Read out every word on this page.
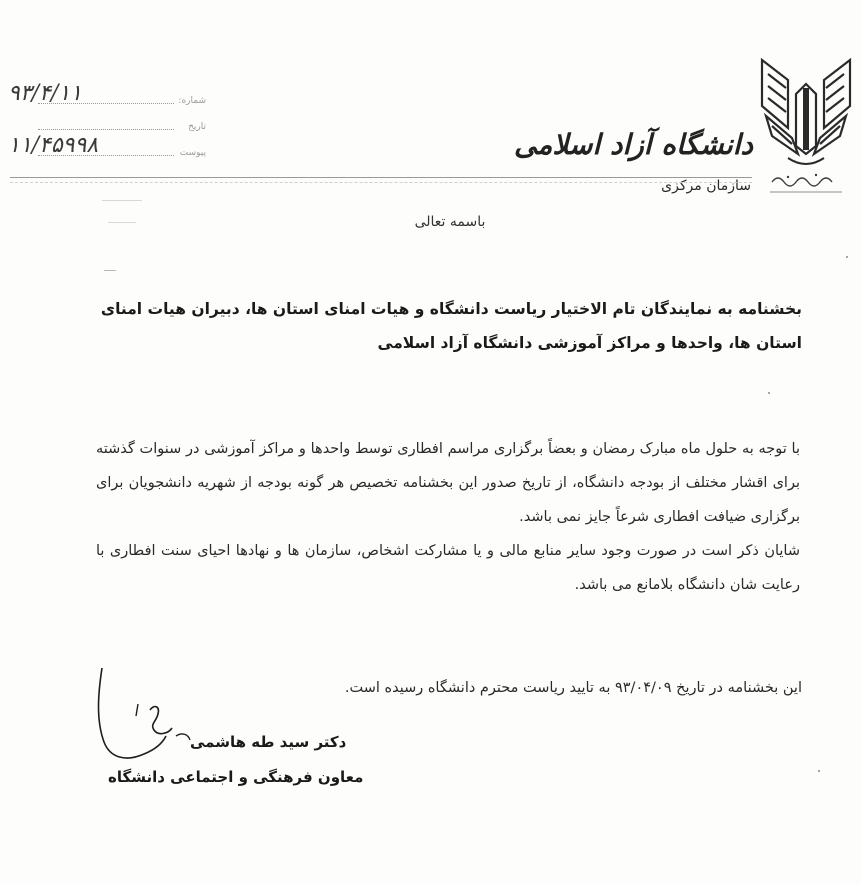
دانشگاه آزاد اسلامی
سازمان مرکزی
۹۳/۴/۱۱	شماره:
تاریخ
۱۱/۴۵۹۹۸	پیوست
باسمه تعالی
بخشنامه به نمایندگان تام الاختیار ریاست دانشگاه و هیات امنای استان ها، دبیران هیات امنای استان ها، واحدها و مراکز آموزشی دانشگاه آزاد اسلامی

با توجه به حلول ماه مبارک رمضان و بعضاً برگزاری مراسم افطاری توسط واحدها و مراکز آموزشی در سنوات گذشته برای اقشار مختلف از بودجه دانشگاه، از تاریخ صدور این بخشنامه تخصیص هر گونه بودجه از شهریه دانشجویان برای برگزاری ضیافت افطاری شرعاً جایز نمی باشد.

شایان ذکر است در صورت وجود سایر منابع مالی و یا مشارکت اشخاص، سازمان ها و نهادها احیای سنت افطاری با رعایت شان دانشگاه بلامانع می باشد.

این بخشنامه در تاریخ ۹۳/۰۴/۰۹ به تایید ریاست محترم دانشگاه رسیده است.
دکتر سید طه هاشمی
معاون فرهنگی و اجتماعی دانشگاه
